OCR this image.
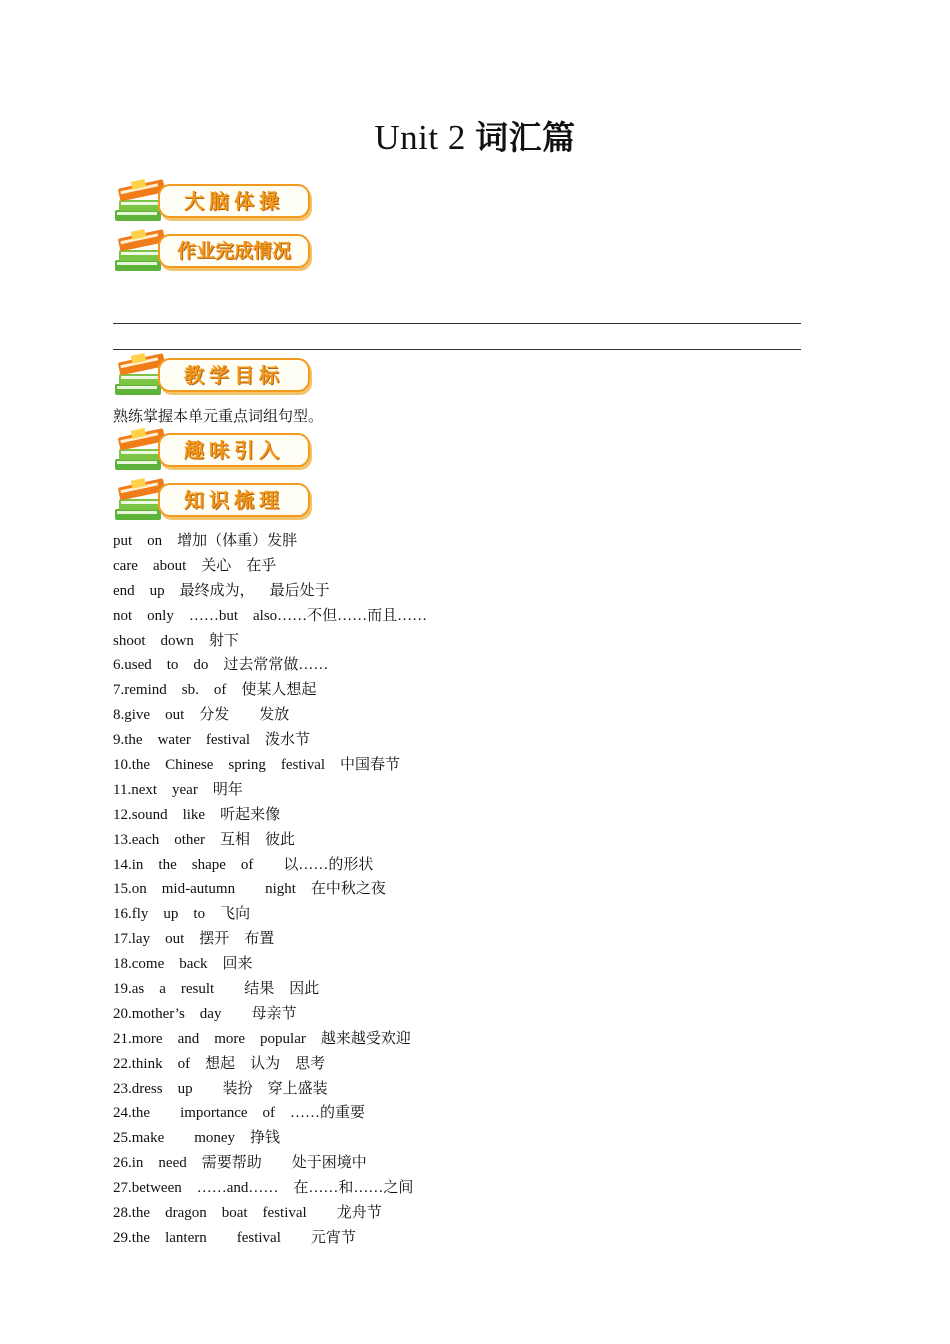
Unit 2 词汇篇
大脑体操
作业完成情况
教学目标
熟练掌握本单元重点词组句型。
趣味引入
知识梳理
put    on    增加（体重）发胖
care    about    关心    在乎
end    up    最终成为，    最后处于
not    only    ……but    also……不但……而且……
shoot    down    射下
6.used    to    do    过去常常做……
7.remind    sb.    of    使某人想起
8.give    out    分发        发放
9.the    water    festival    泼水节
10.the    Chinese    spring    festival    中国春节
11.next    year    明年
12.sound    like    听起来像
13.each    other    互相    彼此
14.in    the    shape    of        以……的形状
15.on    mid-autumn        night    在中秋之夜
16.fly    up    to    飞向
17.lay    out    摆开    布置
18.come    back    回来
19.as    a    result        结果    因此
20.mother’s    day        母亲节
21.more    and    more    popular    越来越受欢迎
22.think    of    想起    认为    思考
23.dress    up        装扮    穿上盛装
24.the        importance    of    ……的重要
25.make        money    挣钱
26.in    need    需要帮助        处于困境中
27.between    ……and……    在……和……之间
28.the    dragon    boat    festival        龙舟节
29.the    lantern        festival        元宵节
